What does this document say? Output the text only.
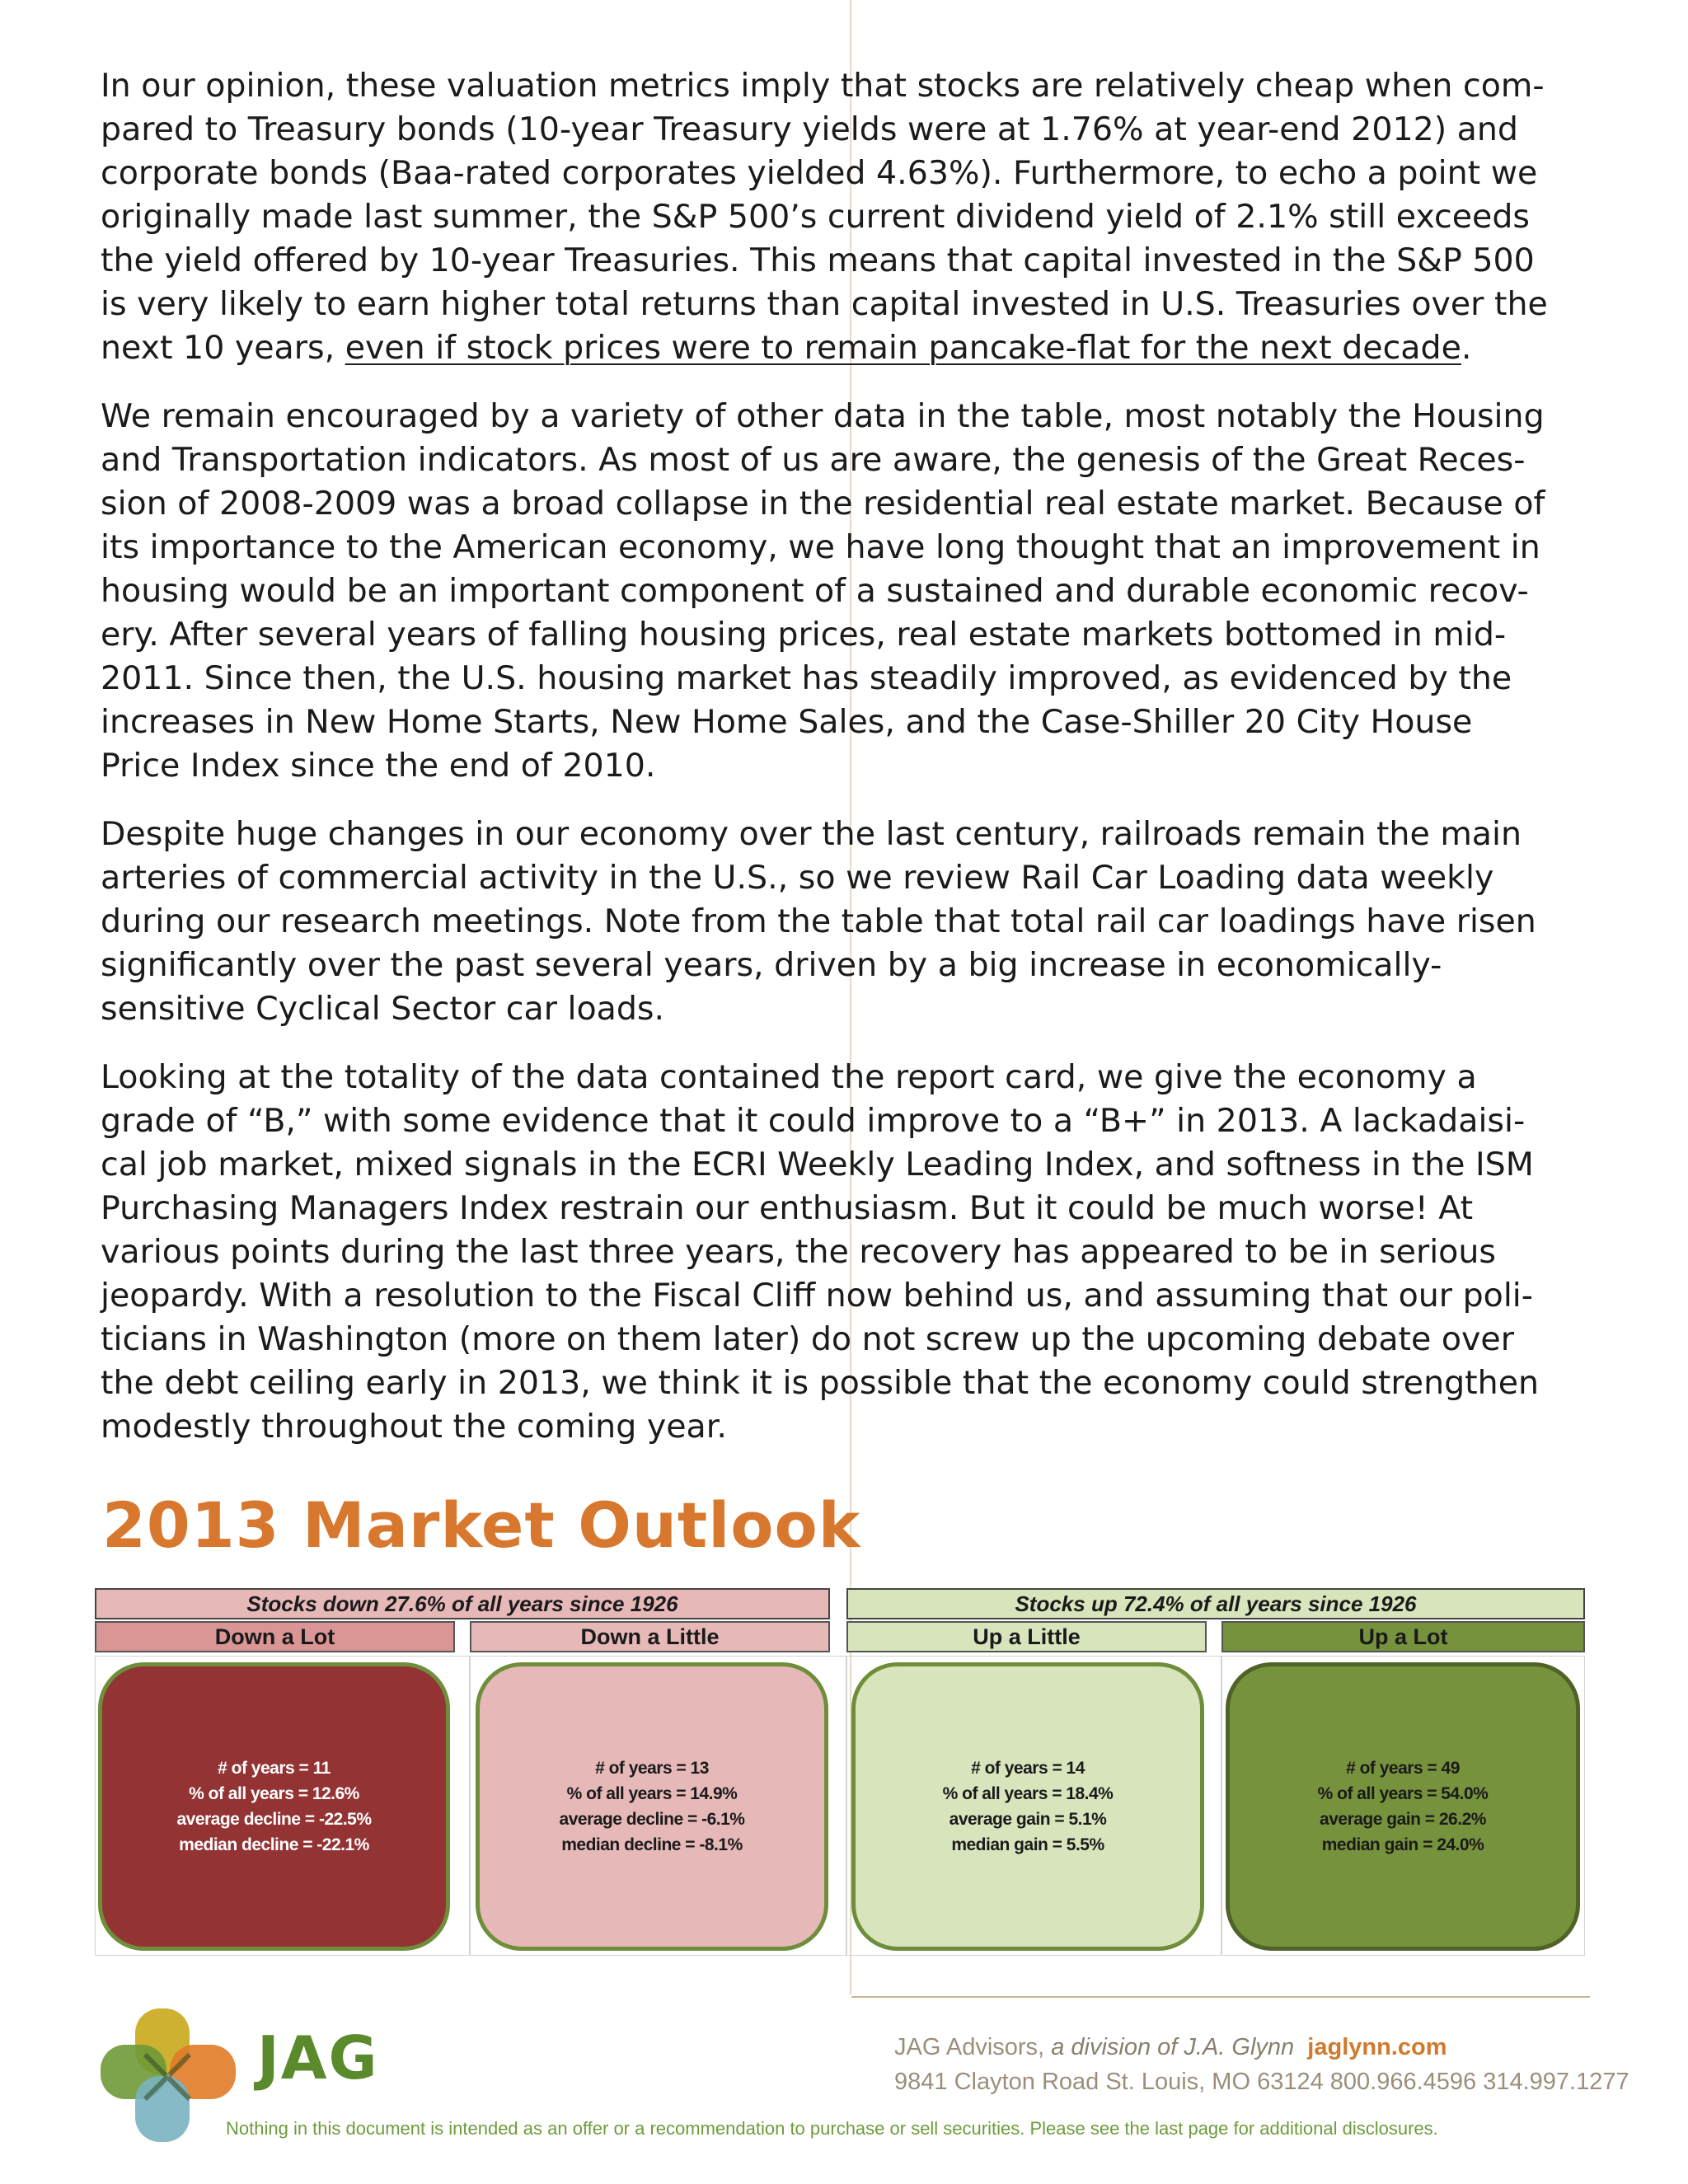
In our opinion, these valuation metrics imply that stocks are relatively cheap when com-
pared to Treasury bonds (10-year Treasury yields were at 1.76% at year-end 2012) and
corporate bonds (Baa-rated corporates yielded 4.63%). Furthermore, to echo a point we
originally made last summer, the S&P 500’s current dividend yield of 2.1% still exceeds
the yield offered by 10-year Treasuries. This means that capital invested in the S&P 500
is very likely to earn higher total returns than capital invested in U.S. Treasuries over the
next 10 years, even if stock prices were to remain pancake-flat for the next decade.

We remain encouraged by a variety of other data in the table, most notably the Housing
and Transportation indicators. As most of us are aware, the genesis of the Great Reces-
sion of 2008-2009 was a broad collapse in the residential real estate market. Because of
its importance to the American economy, we have long thought that an improvement in
housing would be an important component of a sustained and durable economic recov-
ery. After several years of falling housing prices, real estate markets bottomed in mid-
2011. Since then, the U.S. housing market has steadily improved, as evidenced by the
increases in New Home Starts, New Home Sales, and the Case-Shiller 20 City House
Price Index since the end of 2010.

Despite huge changes in our economy over the last century, railroads remain the main
arteries of commercial activity in the U.S., so we review Rail Car Loading data weekly
during our research meetings. Note from the table that total rail car loadings have risen
significantly over the past several years, driven by a big increase in economically-
sensitive Cyclical Sector car loads.

Looking at the totality of the data contained the report card, we give the economy a
grade of “B,” with some evidence that it could improve to a “B+” in 2013. A lackadaisi-
cal job market, mixed signals in the ECRI Weekly Leading Index, and softness in the ISM
Purchasing Managers Index restrain our enthusiasm. But it could be much worse! At
various points during the last three years, the recovery has appeared to be in serious
jeopardy. With a resolution to the Fiscal Cliff now behind us, and assuming that our poli-
ticians in Washington (more on them later) do not screw up the upcoming debate over
the debt ceiling early in 2013, we think it is possible that the economy could strengthen
modestly throughout the coming year.

2013 Market Outlook
Stocks down 27.6% of all years since 1926	Stocks up 72.4% of all years since 1926
Down a Lot	Down a Little	Up a Little	Up a Lot
# of years = 11
% of all years = 12.6%
average decline = -22.5%
median decline = -22.1%
# of years = 13
% of all years = 14.9%
average decline = -6.1%
median decline = -8.1%
# of years = 14
% of all years = 18.4%
average gain = 5.1%
median gain = 5.5%
# of years = 49
% of all years = 54.0%
average gain = 26.2%
median gain = 24.0%
JAG	JAG Advisors, a division of J.A. Glynn jaglynn.com
9841 Clayton Road St. Louis, MO 63124 800.966.4596 314.997.1277
Nothing in this document is intended as an offer or a recommendation to purchase or sell securities. Please see the last page for additional disclosures.
